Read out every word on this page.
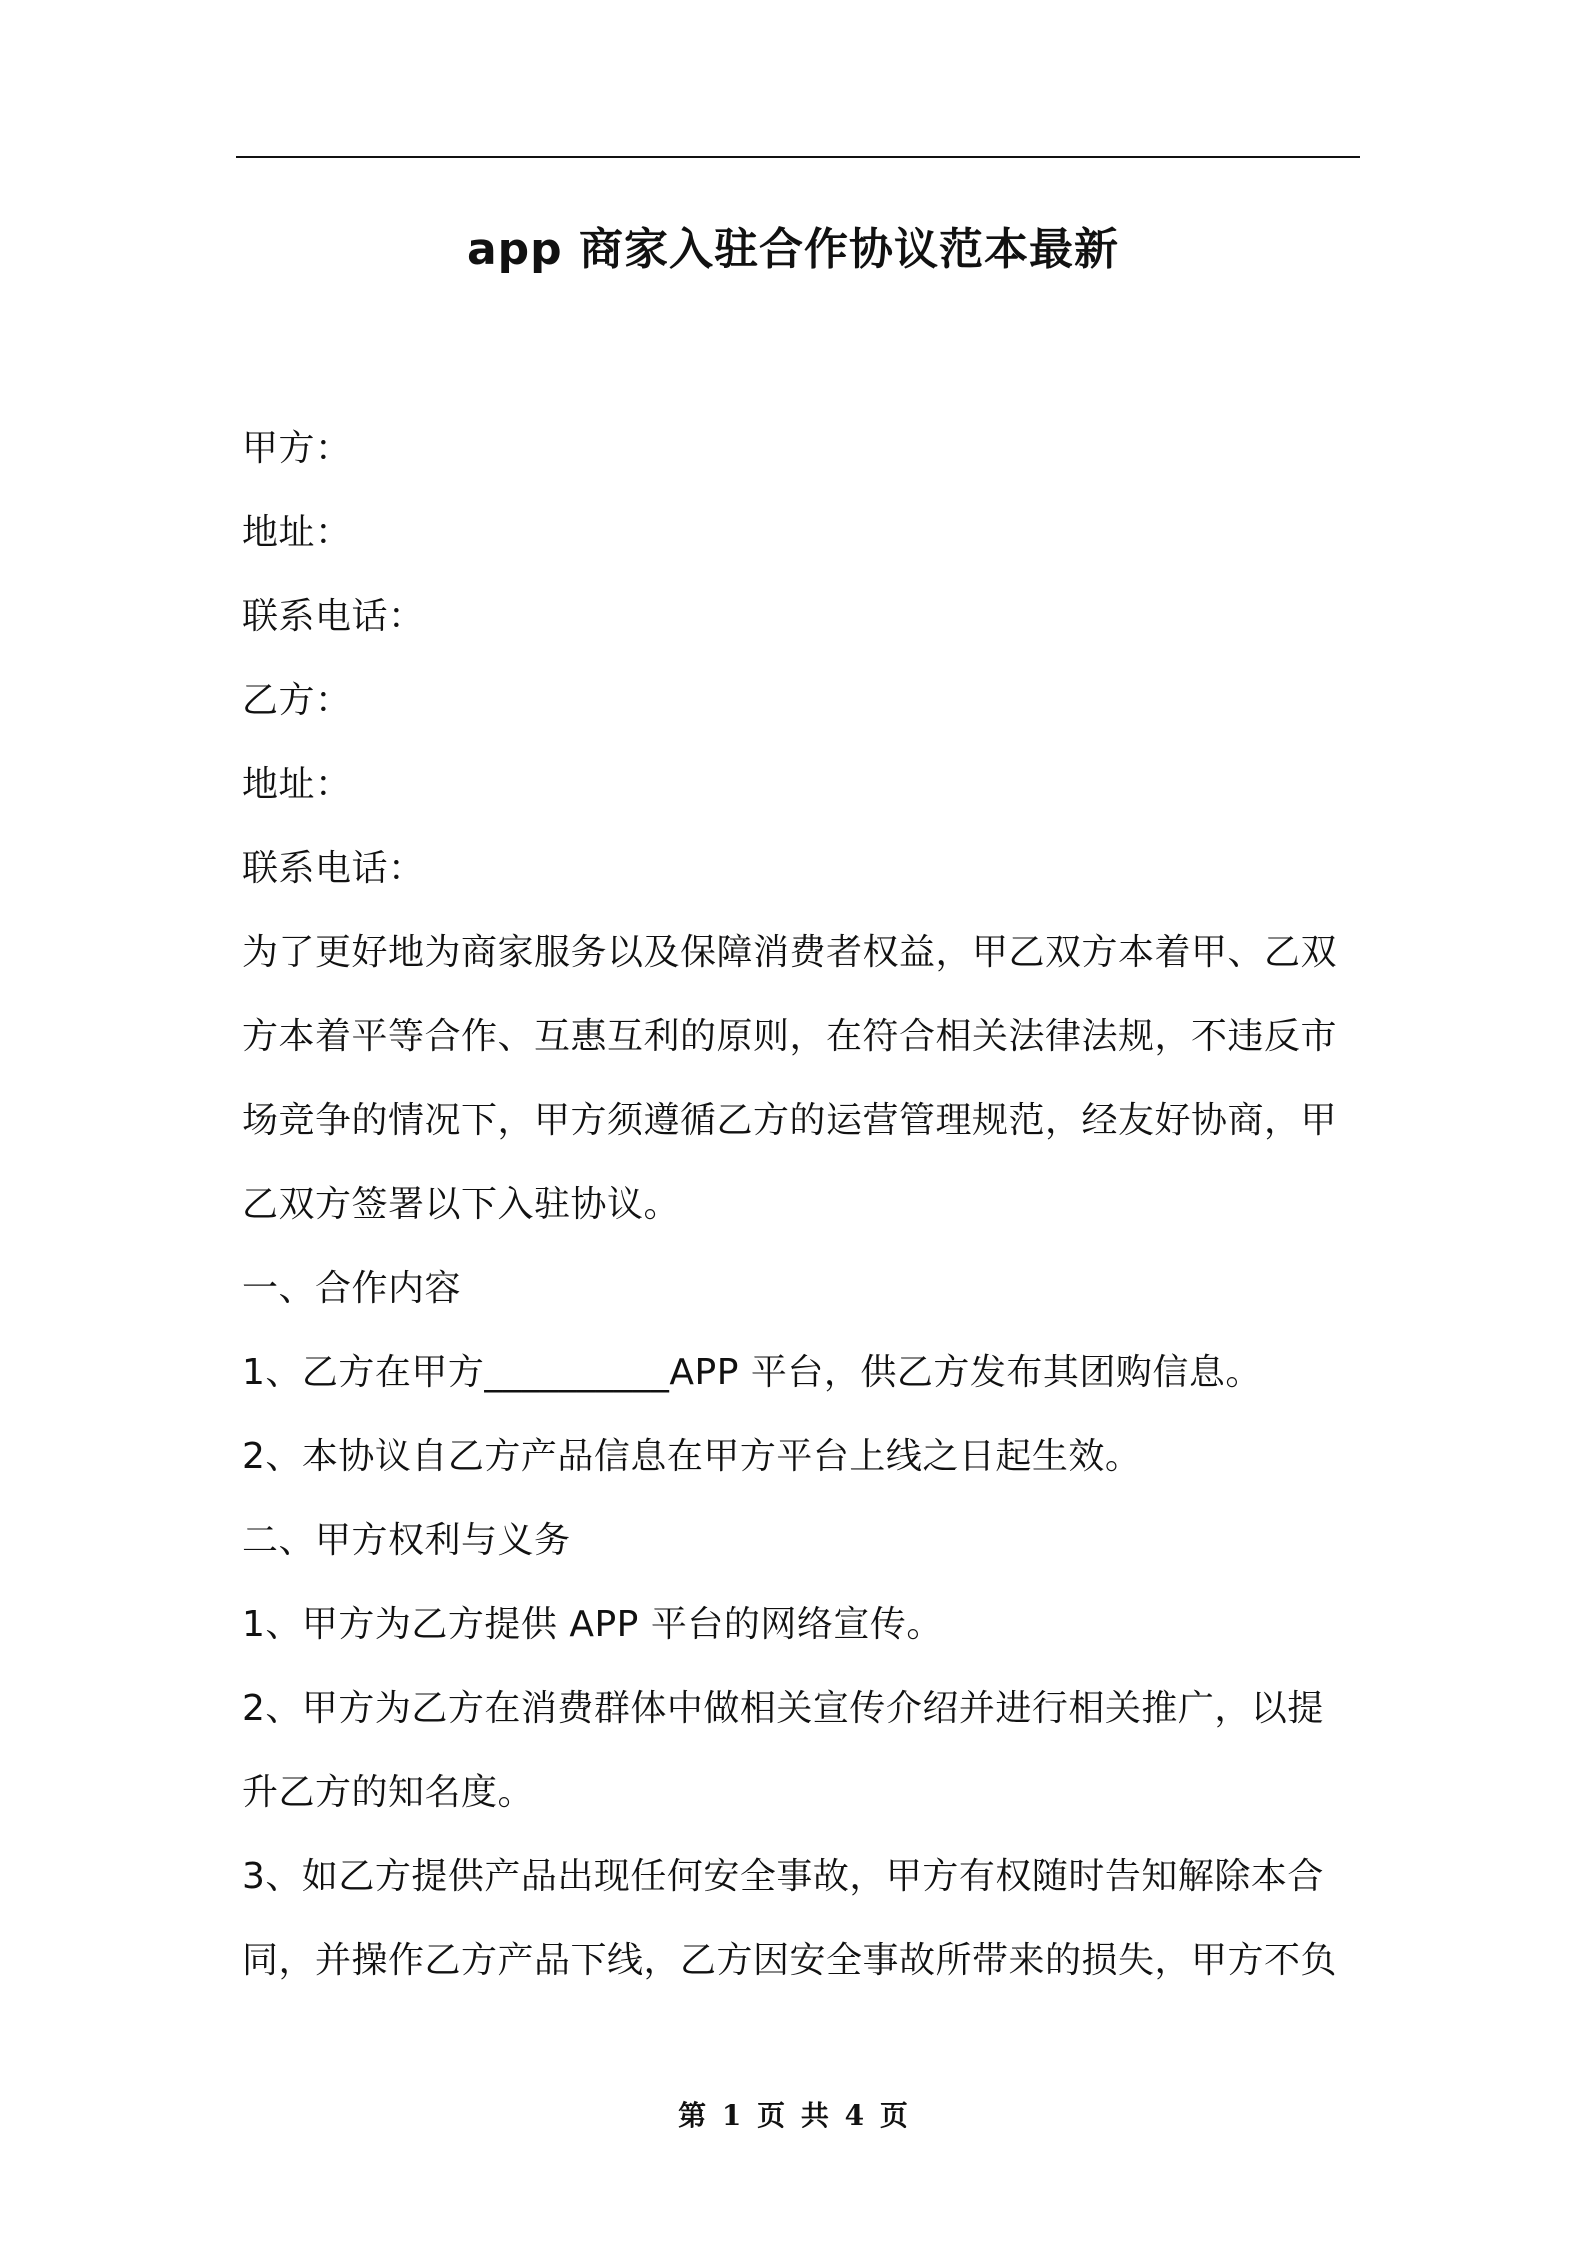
app 商家入驻合作协议范本最新
甲方：
地址：
联系电话：
乙方：
地址：
联系电话：
为了更好地为商家服务以及保障消费者权益，甲乙双方本着甲、乙双
方本着平等合作、互惠互利的原则，在符合相关法律法规，不违反市
场竞争的情况下，甲方须遵循乙方的运营管理规范，经友好协商，甲
乙双方签署以下入驻协议。
一、合作内容
1、乙方在甲方__________APP 平台，供乙方发布其团购信息。
2、本协议自乙方产品信息在甲方平台上线之日起生效。
二、甲方权利与义务
1、甲方为乙方提供 APP 平台的网络宣传。
2、甲方为乙方在消费群体中做相关宣传介绍并进行相关推广，以提
升乙方的知名度。
3、如乙方提供产品出现任何安全事故，甲方有权随时告知解除本合
同，并操作乙方产品下线，乙方因安全事故所带来的损失，甲方不负
第 1 页 共 4 页
